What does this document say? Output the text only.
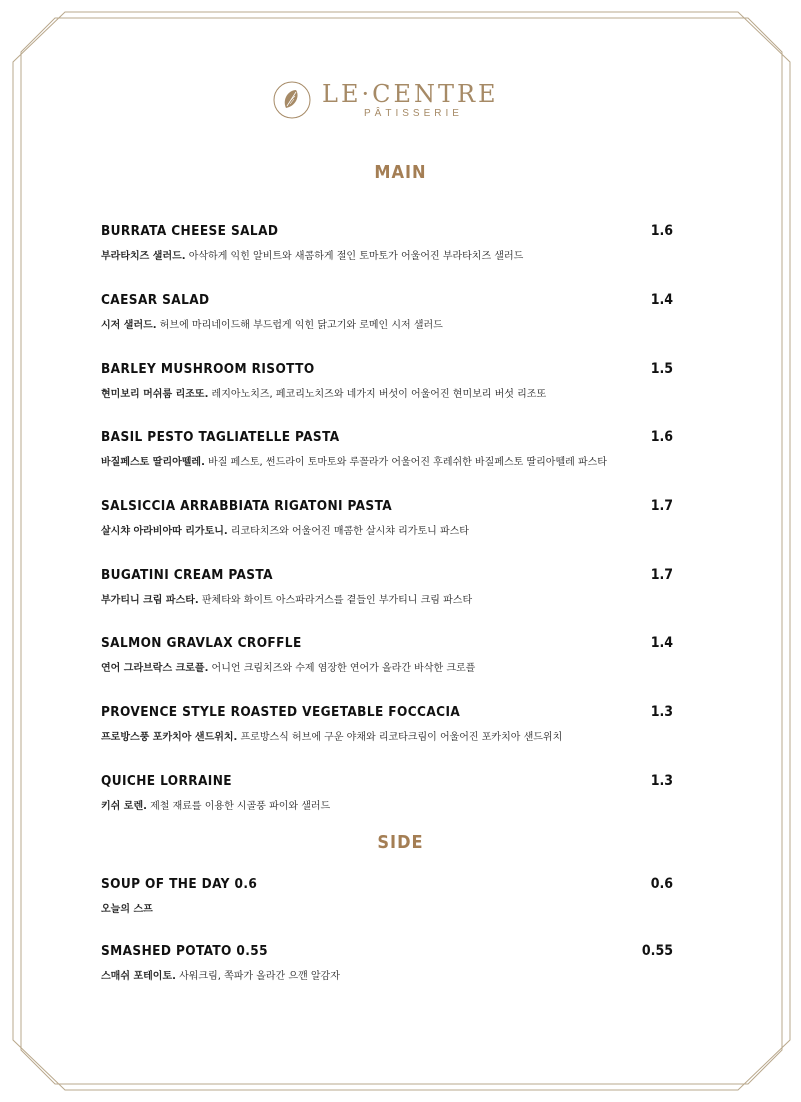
LE·CENTRE
PÂTISSERIE
MAIN
BURRATA CHEESE SALAD	1.6
부라타치즈 샐러드. 아삭하게 익힌 알비트와 새콤하게 절인 토마토가 어울어진 부라타치즈 샐러드
CAESAR SALAD	1.4
시저 샐러드. 허브에 마리네이드해 부드럽게 익힌 닭고기와 로메인 시저 샐러드
BARLEY MUSHROOM RISOTTO	1.5
현미보리 머쉬룸 리조또. 레지아노치즈, 페코리노치즈와 네가지 버섯이 어울어진 현미보리 버섯 리조또
BASIL PESTO TAGLIATELLE PASTA	1.6
바질페스토 딸리아뗄레. 바질 페스토, 썬드라이 토마토와 루꼴라가 어울어진 후레쉬한 바질페스토 딸리아뗄레 파스타
SALSICCIA ARRABBIATA RIGATONI PASTA	1.7
살시챠 아라비아따 리가토니. 리코타치즈와 어울어진 매콤한 살시챠 리가토니 파스타
BUGATINI CREAM PASTA	1.7
부가티니 크림 파스타. 판체타와 화이트 아스파라거스를 곁들인 부가티니 크림 파스타
SALMON GRAVLAX CROFFLE	1.4
연어 그라브락스 크로플. 어니언 크림치즈와 수제 염장한 연어가 올라간 바삭한 크로플
PROVENCE STYLE ROASTED VEGETABLE FOCCACIA	1.3
프로방스풍 포카치아 샌드위치. 프로방스식 허브에 구운 야채와 리코타크림이 어울어진 포카치아 샌드위치
QUICHE LORRAINE	1.3
키쉬 로렌. 제철 재료를 이용한 시골풍 파이와 샐러드
SIDE
SOUP OF THE DAY 0.6	0.6
오늘의 스프
SMASHED POTATO 0.55	0.55
스매쉬 포테이토. 사워크림, 쪽파가 올라간 으깬 알감자
